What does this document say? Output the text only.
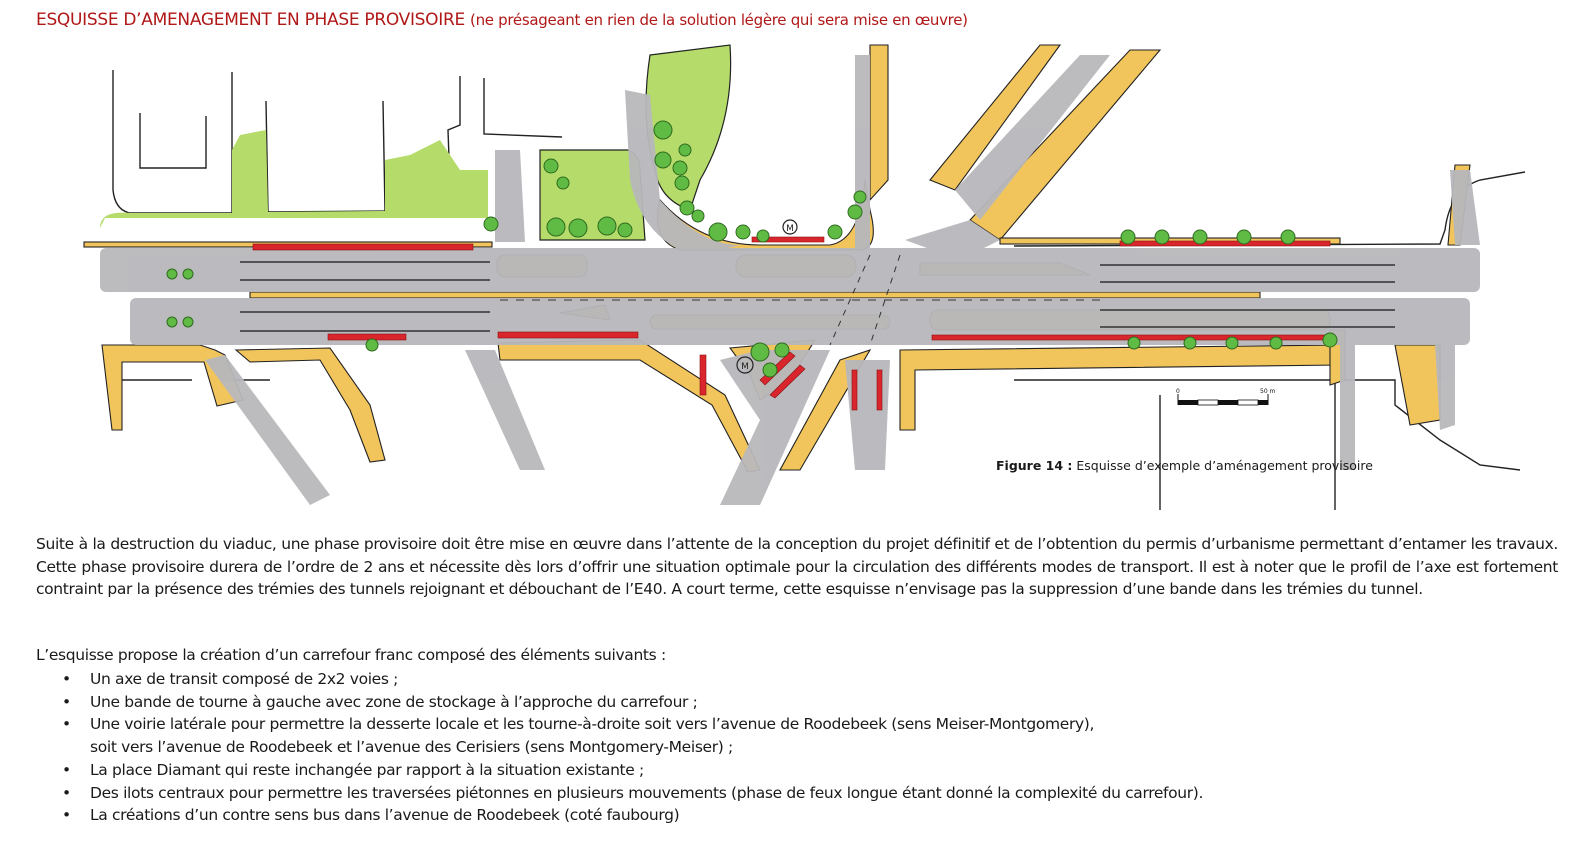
ESQUISSE D’AMENAGEMENT EN PHASE PROVISOIRE (ne présageant en rien de la solution légère qui sera mise en œuvre)
M
M
0	50 m
Figure 14 : Esquisse d’exemple d’aménagement provisoire
Suite à la destruction du viaduc, une phase provisoire doit être mise en œuvre dans l’attente de la conception du projet définitif et de l’obtention du permis d’urbanisme permettant d’entamer les travaux. Cette phase provisoire durera de l’ordre de 2 ans et nécessite dès lors d’offrir une situation optimale pour la circulation des différents modes de transport. Il est à noter que le profil de l’axe est fortement contraint par la présence des trémies des tunnels rejoignant et débouchant de l’E40. A court terme, cette esquisse n’envisage pas la suppression d’une bande dans les trémies du tunnel.
L’esquisse propose la création d’un carrefour franc composé des éléments suivants :
• Un axe de transit composé de 2x2 voies ;
• Une bande de tourne à gauche avec zone de stockage à l’approche du carrefour ;
• Une voirie latérale pour permettre la desserte locale et les tourne-à-droite soit vers l’avenue de Roodebeek (sens Meiser-Montgomery),
soit vers l’avenue de Roodebeek et l’avenue des Cerisiers (sens Montgomery-Meiser) ;
• La place Diamant qui reste inchangée par rapport à la situation existante ;
• Des ilots centraux pour permettre les traversées piétonnes en plusieurs mouvements (phase de feux longue étant donné la complexité du carrefour).
• La créations d’un contre sens bus dans l’avenue de Roodebeek (coté faubourg)
